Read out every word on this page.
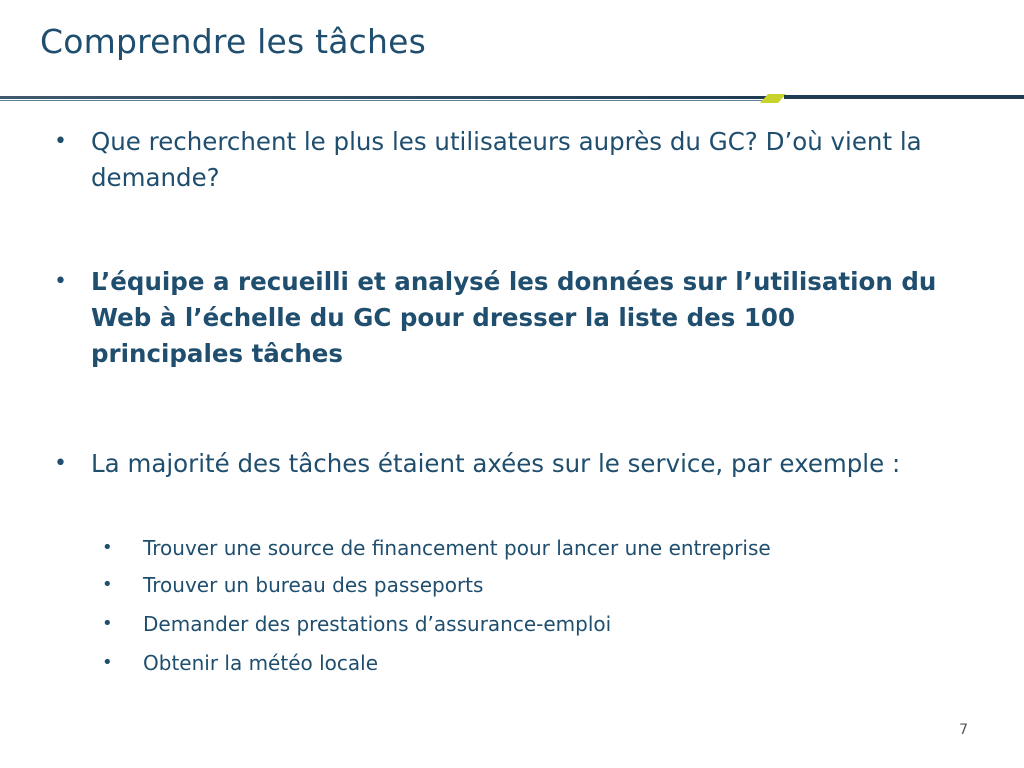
Comprendre les tâches
• Que recherchent le plus les utilisateurs auprès du GC? D’où vient la demande?
• L’équipe a recueilli et analysé les données sur l’utilisation du Web à l’échelle du GC pour dresser la liste des 100 principales tâches
• La majorité des tâches étaient axées sur le service, par exemple :
• Trouver une source de financement pour lancer une entreprise
• Trouver un bureau des passeports
• Demander des prestations d’assurance-emploi
• Obtenir la météo locale
7
